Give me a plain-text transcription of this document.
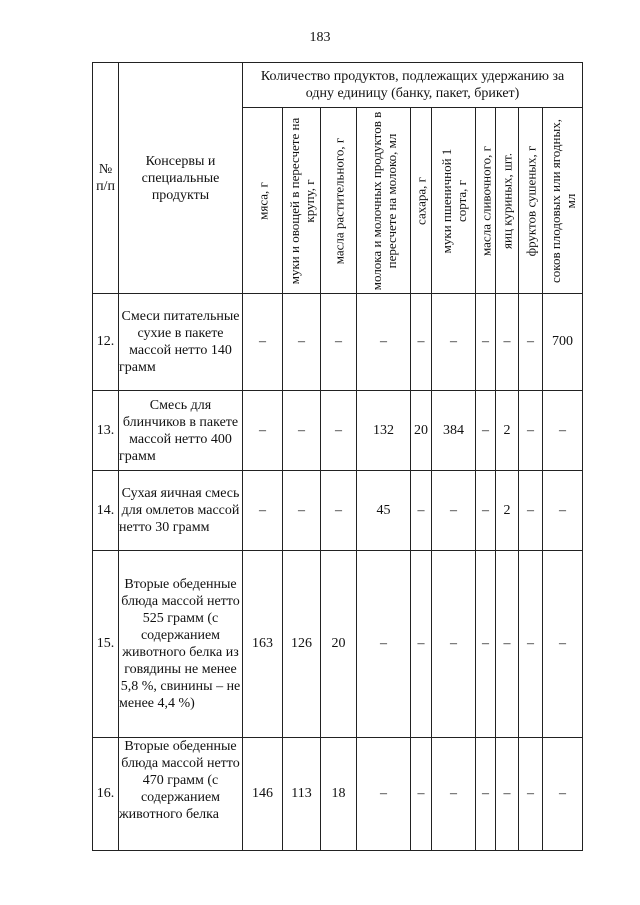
183
№ п/п	Консервы и специальные продукты	Количество продуктов, подлежащих удержанию за одну единицу (банку, пакет, брикет)									

		мяса, г	муки и овощей в пересчете на крупу, г	масла растительного, г	молока и молочных продуктов в пересчете на молоко, мл	сахара, г	муки пшеничной 1 сорта, г	масла сливочного, г	яиц куриных, шт.	фруктов сушеных, г	соков плодовых или ягодных, мл

12.	Смеси питательные сухие в пакете массой нетто 140 грамм	–	–	–	–	–	–	–	–	–	700
13.	Смесь для блинчиков в пакете массой нетто 400 грамм	–	–	–	132	20	384	–	2	–	–
14.	Сухая яичная смесь для омлетов массой нетто 30 грамм	–	–	–	45	–	–	–	2	–	–
15.	Вторые обеденные блюда массой нетто 525 грамм (с содержанием животного белка из говядины не менее 5,8 %, свинины – не менее 4,4 %)	163	126	20	–	–	–	–	–	–	–
16.	Вторые обеденные блюда массой нетто 470 грамм (с содержанием животного белка	146	113	18	–	–	–	–	–	–	–
